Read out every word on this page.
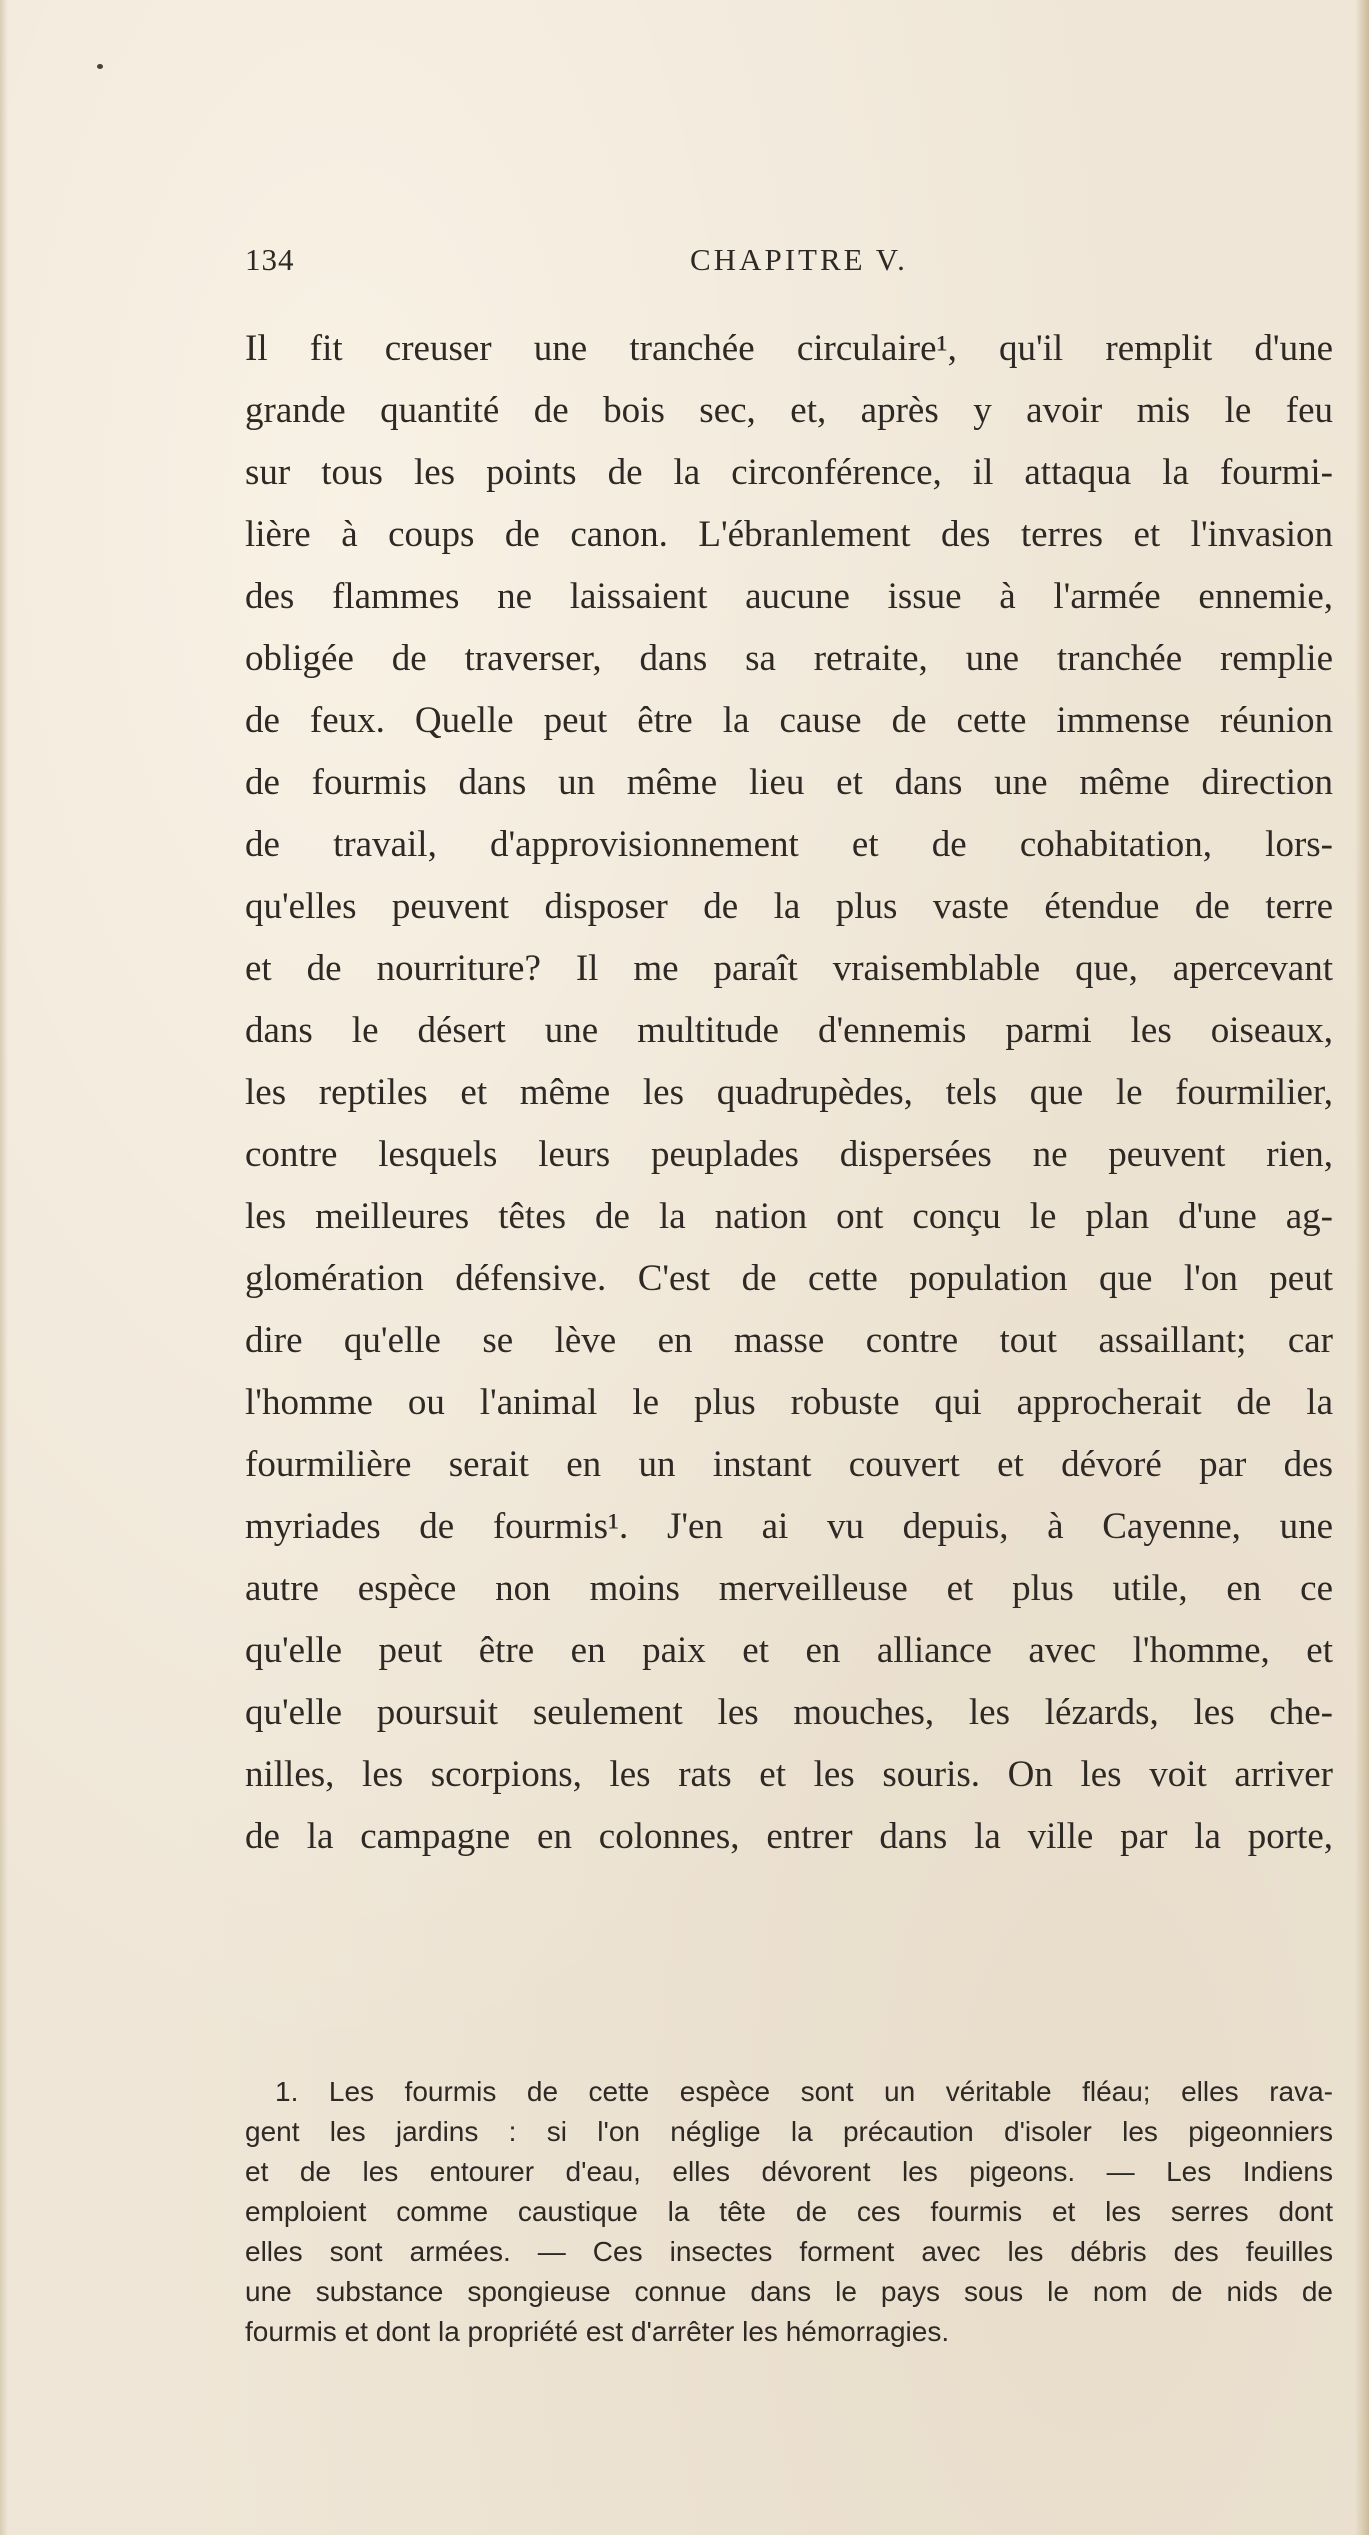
134	CHAPITRE V.
Il fit creuser une tranchée circulaire¹, qu'il remplit d'une
grande quantité de bois sec, et, après y avoir mis le feu
sur tous les points de la circonférence, il attaqua la fourmi-
lière à coups de canon. L'ébranlement des terres et l'invasion
des flammes ne laissaient aucune issue à l'armée ennemie,
obligée de traverser, dans sa retraite, une tranchée remplie
de feux. Quelle peut être la cause de cette immense réunion
de fourmis dans un même lieu et dans une même direction
de travail, d'approvisionnement et de cohabitation, lors-
qu'elles peuvent disposer de la plus vaste étendue de terre
et de nourriture? Il me paraît vraisemblable que, apercevant
dans le désert une multitude d'ennemis parmi les oiseaux,
les reptiles et même les quadrupèdes, tels que le fourmilier,
contre lesquels leurs peuplades dispersées ne peuvent rien,
les meilleures têtes de la nation ont conçu le plan d'une ag-
glomération défensive. C'est de cette population que l'on peut
dire qu'elle se lève en masse contre tout assaillant; car
l'homme ou l'animal le plus robuste qui approcherait de la
fourmilière serait en un instant couvert et dévoré par des
myriades de fourmis¹. J'en ai vu depuis, à Cayenne, une
autre espèce non moins merveilleuse et plus utile, en ce
qu'elle peut être en paix et en alliance avec l'homme, et
qu'elle poursuit seulement les mouches, les lézards, les che-
nilles, les scorpions, les rats et les souris. On les voit arriver
de la campagne en colonnes, entrer dans la ville par la porte,
1. Les fourmis de cette espèce sont un véritable fléau; elles rava-
gent les jardins : si l'on néglige la précaution d'isoler les pigeonniers
et de les entourer d'eau, elles dévorent les pigeons. — Les Indiens
emploient comme caustique la tête de ces fourmis et les serres dont
elles sont armées. — Ces insectes forment avec les débris des feuilles
une substance spongieuse connue dans le pays sous le nom de nids de
fourmis et dont la propriété est d'arrêter les hémorragies.
